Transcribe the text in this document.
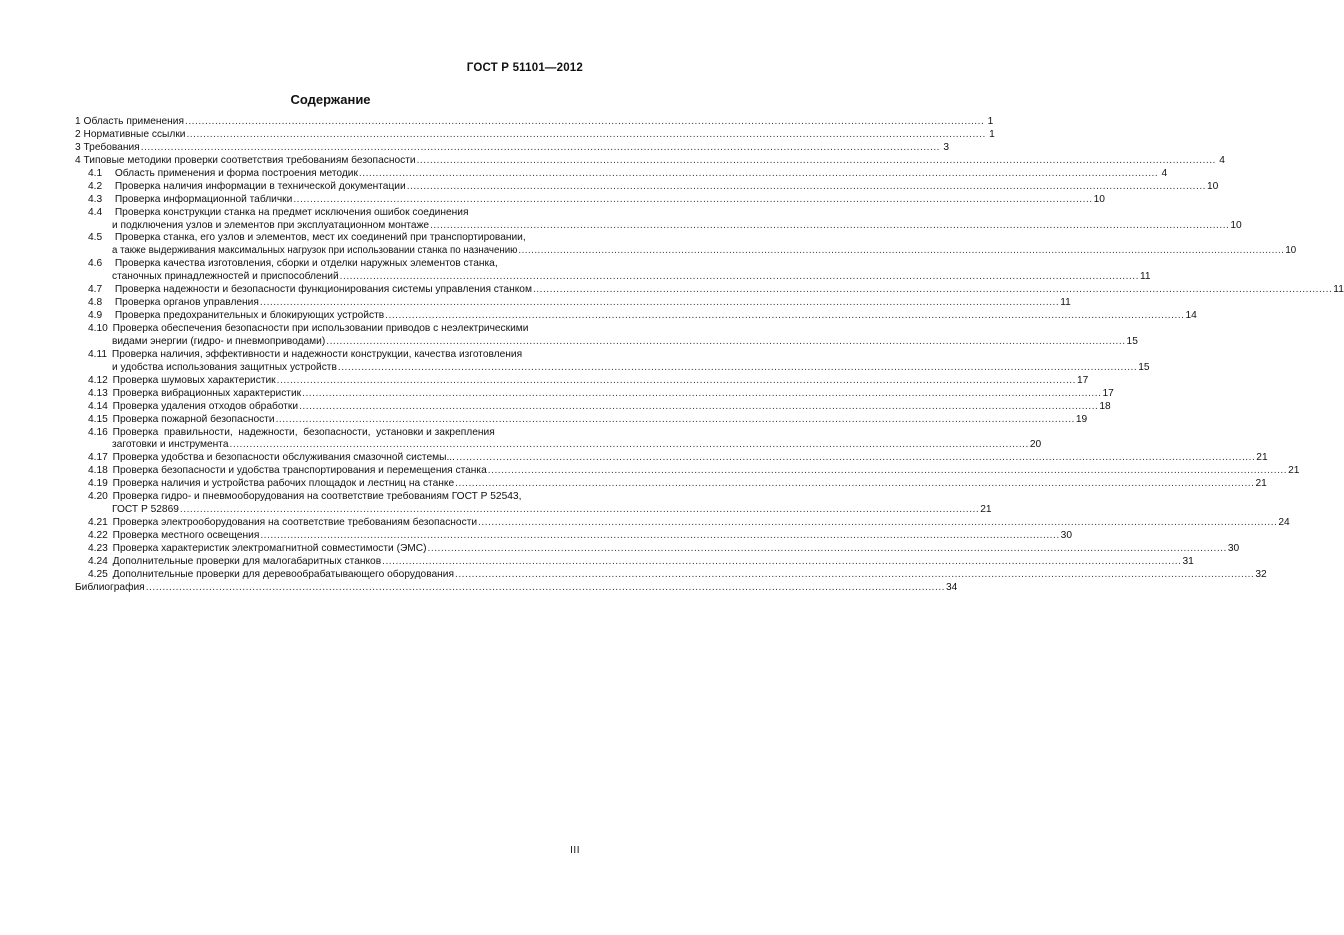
ГОСТ Р 51101—2012
Содержание
1 Область применения .....	1
2 Нормативные ссылки .....	1
3 Требования .....	3
4 Типовые методики проверки соответствия требованиям безопасности .....	4
4.1 Область применения и форма построения методик .....	4
4.2 Проверка наличия информации в технической документации .....	10
4.3 Проверка информационной таблички .....	10
4.4 Проверка конструкции станка на предмет исключения ошибок соединения
и подключения узлов и элементов при эксплуатационном монтаже .....	10
4.5 Проверка станка, его узлов и элементов, мест их соединений при транспортировании,
а также выдерживания максимальных нагрузок при использовании станка по назначению .....	10
4.6 Проверка качества изготовления, сборки и отделки наружных элементов станка,
станочных принадлежностей и приспособлений .....	11
4.7 Проверка надежности и безопасности функционирования системы управления станком .....	11
4.8 Проверка органов управления .....	11
4.9 Проверка предохранительных и блокирующих устройств .....	14
4.10 Проверка обеспечения безопасности при использовании приводов с неэлектрическими
видами энергии (гидро- и пневмоприводами) .....	15
4.11 Проверка наличия, эффективности и надежности конструкции, качества изготовления
и удобства использования защитных устройств .....	15
4.12 Проверка шумовых характеристик .....	17
4.13 Проверка вибрационных характеристик .....	17
4.14 Проверка удаления отходов обработки .....	18
4.15 Проверка пожарной безопасности .....	19
4.16 Проверка  правильности,  надежности,  безопасности,  установки и закрепления
заготовки и инструмента .....	20
4.17 Проверка удобства и безопасности обслуживания смазочной системы... .....	21
4.18 Проверка безопасности и удобства транспортирования и перемещения станка .....	21
4.19 Проверка наличия и устройства рабочих площадок и лестниц на станке .....	21
4.20 Проверка гидро- и пневмооборудования на соответствие требованиям ГОСТ Р 52543,
ГОСТ Р 52869 .....	21
4.21 Проверка электрооборудования на соответствие требованиям безопасности .....	24
4.22 Проверка местного освещения .....	30
4.23 Проверка характеристик электромагнитной совместимости (ЭМС) .....	30
4.24 Дополнительные проверки для малогабаритных станков .....	31
4.25 Дополнительные проверки для деревообрабатывающего оборудования .....	32
Библиография .....	34
III
